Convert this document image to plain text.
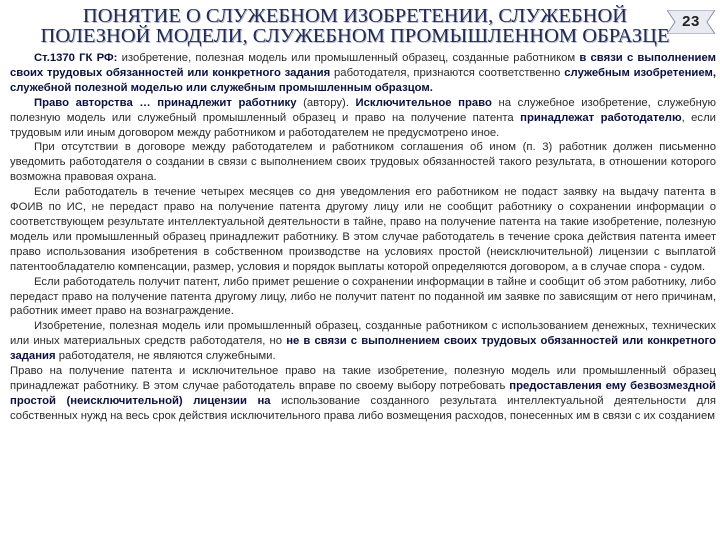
ПОНЯТИЕ О СЛУЖЕБНОМ ИЗОБРЕТЕНИИ, СЛУЖЕБНОЙ
ПОЛЕЗНОЙ МОДЕЛИ, СЛУЖЕБНОМ ПРОМЫШЛЕННОМ ОБРАЗЦЕ
23

Ст.1370 ГК РФ: изобретение, полезная модель или промышленный образец, созданные работником в связи с выполнением своих трудовых обязанностей или конкретного задания работодателя, признаются соответственно служебным изобретением, служебной полезной моделью или служебным промышленным образцом.

Право авторства … принадлежит работнику (автору). Исключительное право на служебное изобретение, служебную полезную модель или служебный промышленный образец и право на получение патента принадлежат работодателю, если трудовым или иным договором между работником и работодателем не предусмотрено иное.

При отсутствии в договоре между работодателем и работником соглашения об ином (п. 3) работник должен письменно уведомить работодателя о создании в связи с выполнением своих трудовых обязанностей такого результата, в отношении которого возможна правовая охрана.

Если работодатель в течение четырех месяцев со дня уведомления его работником не подаст заявку на выдачу патента в ФОИВ по ИС, не передаст право на получение патента другому лицу или не сообщит работнику о сохранении информации о соответствующем результате интеллектуальной деятельности в тайне, право на получение патента на такие изобретение, полезную модель или промышленный образец принадлежит работнику. В этом случае работодатель в течение срока действия патента имеет право использования изобретения в собственном производстве на условиях простой (неисключительной) лицензии с выплатой патентообладателю компенсации, размер, условия и порядок выплаты которой определяются договором, а в случае спора - судом.

Если работодатель получит патент, либо примет решение о сохранении информации в тайне и сообщит об этом работнику, либо передаст право на получение патента другому лицу, либо не получит патент по поданной им заявке по зависящим от него причинам, работник имеет право на вознаграждение.

Изобретение, полезная модель или промышленный образец, созданные работником с использованием денежных, технических или иных материальных средств работодателя, но не в связи с выполнением своих трудовых обязанностей или конкретного задания работодателя, не являются служебными.

Право на получение патента и исключительное право на такие изобретение, полезную модель или промышленный образец принадлежат работнику. В этом случае работодатель вправе по своему выбору потребовать предоставления ему безвозмездной простой (неисключительной) лицензии на использование созданного результата интеллектуальной деятельности для собственных нужд на весь срок действия исключительного права либо возмещения расходов, понесенных им в связи с их созданием
